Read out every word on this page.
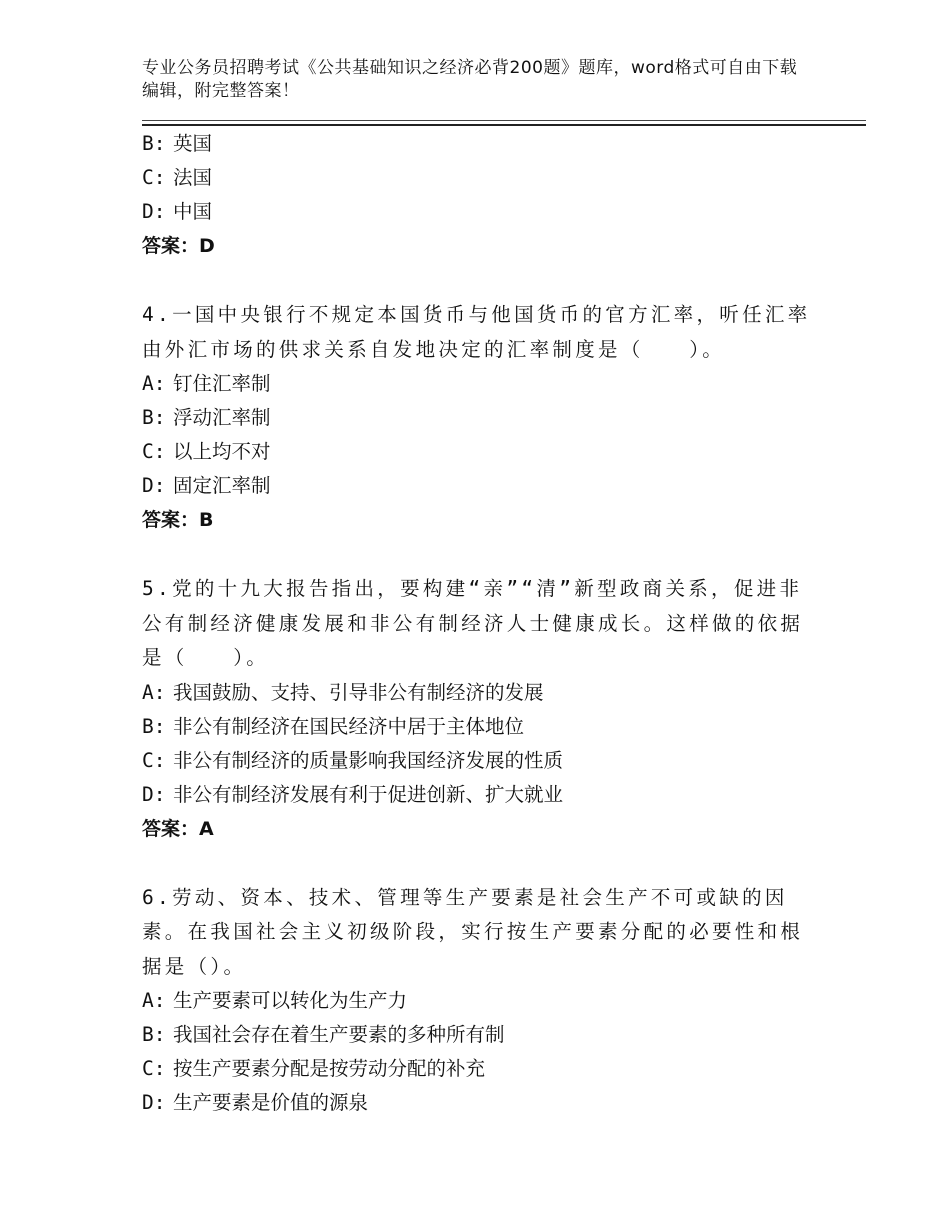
专业公务员招聘考试《公共基础知识之经济必背200题》题库，word格式可自由下载编辑，附完整答案！
B: 英国
C: 法国
D: 中国
答案：D
4.一国中央银行不规定本国货币与他国货币的官方汇率，听任汇率由外汇市场的供求关系自发地决定的汇率制度是（　　）。
A: 钉住汇率制
B: 浮动汇率制
C: 以上均不对
D: 固定汇率制
答案：B
5.党的十九大报告指出，要构建“亲”“清”新型政商关系，促进非公有制经济健康发展和非公有制经济人士健康成长。这样做的依据是（　　）。
A: 我国鼓励、支持、引导非公有制经济的发展
B: 非公有制经济在国民经济中居于主体地位
C: 非公有制经济的质量影响我国经济发展的性质
D: 非公有制经济发展有利于促进创新、扩大就业
答案：A
6.劳动、资本、技术、管理等生产要素是社会生产不可或缺的因素。在我国社会主义初级阶段，实行按生产要素分配的必要性和根据是（）。
A: 生产要素可以转化为生产力
B: 我国社会存在着生产要素的多种所有制
C: 按生产要素分配是按劳动分配的补充
D: 生产要素是价值的源泉
